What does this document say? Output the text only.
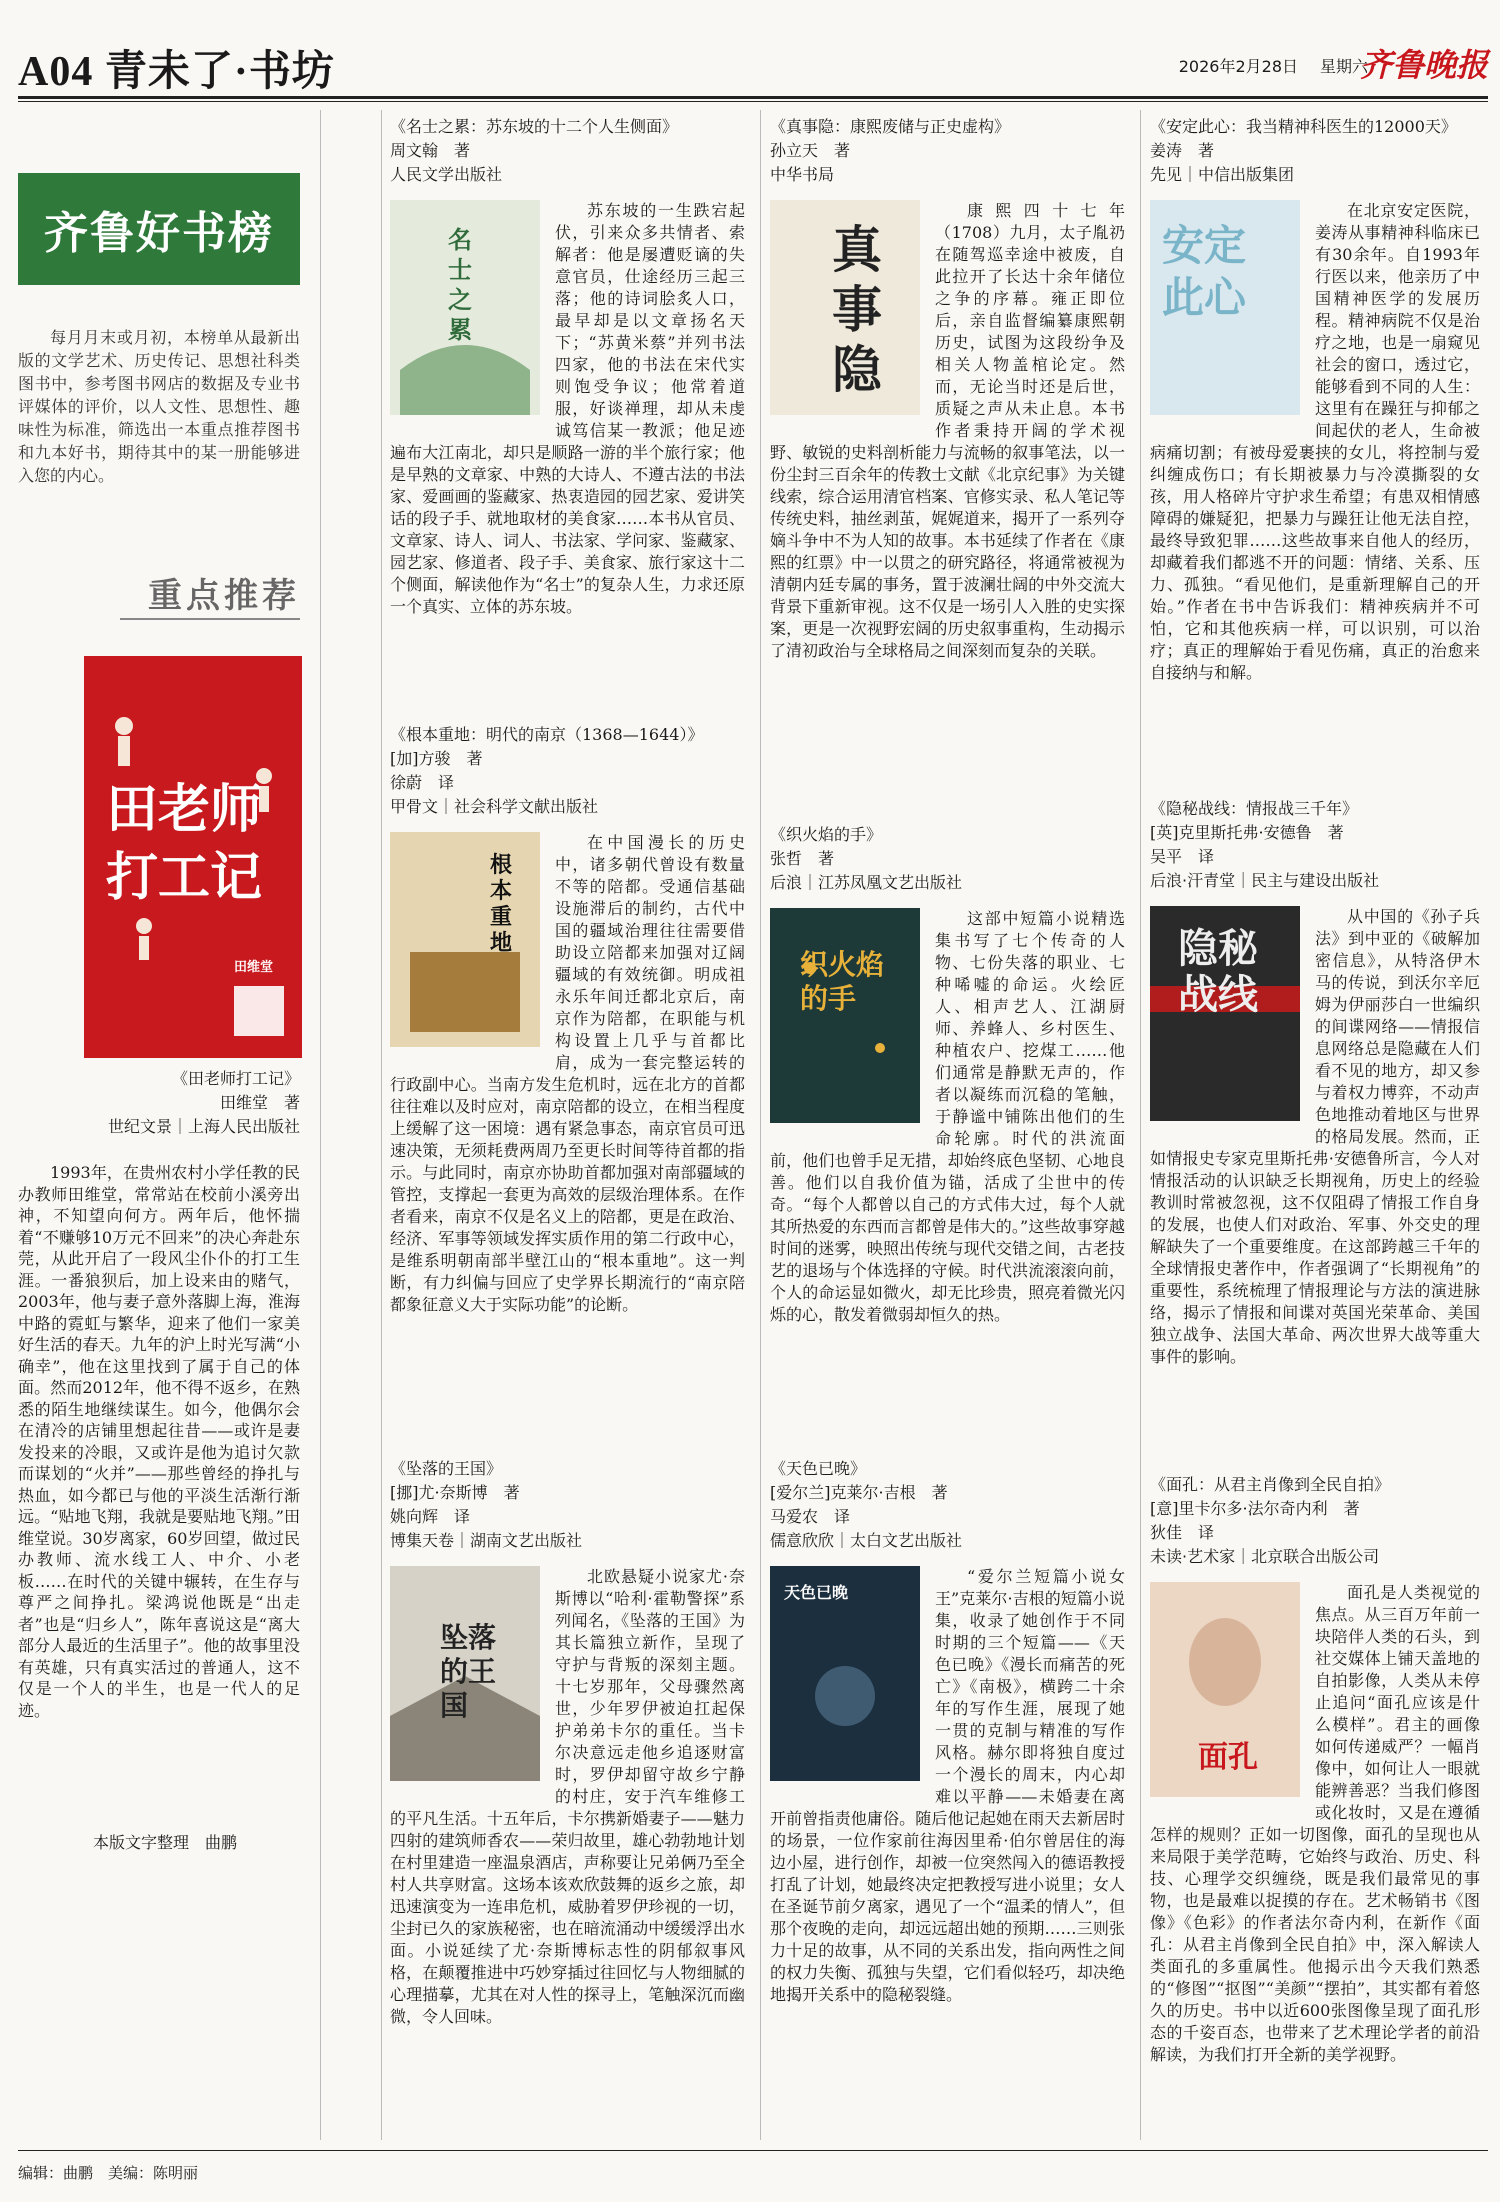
A04 青未了·书坊	2026年2月28日 星期六
齐鲁晚报
齐鲁好书榜
每月月末或月初，本榜单从最新出版的文学艺术、历史传记、思想社科类图书中，参考图书网店的数据及专业书评媒体的评价，以人文性、思想性、趣味性为标准，筛选出一本重点推荐图书和九本好书，期待其中的某一册能够进入您的内心。
重点推荐
田老师打工记
田维堂
《田老师打工记》
田维堂　著
世纪文景｜上海人民出版社
1993年，在贵州农村小学任教的民办教师田维堂，常常站在校前小溪旁出神，不知望向何方。两年后，他怀揣着“不赚够10万元不回来”的决心奔赴东莞，从此开启了一段风尘仆仆的打工生涯。一番狼狈后，加上设来由的赌气，2003年，他与妻子意外落脚上海，淮海中路的霓虹与繁华，迎来了他们一家美好生活的春天。九年的沪上时光写满“小确幸”，他在这里找到了属于自己的体面。然而2012年，他不得不返乡，在熟悉的陌生地继续谋生。如今，他偶尔会在清冷的店铺里想起往昔——或许是妻发投来的冷眼，又或许是他为追讨欠款而谋划的“火并”——那些曾经的挣扎与热血，如今都已与他的平淡生活渐行渐远。“贴地飞翔，我就是要贴地飞翔。”田维堂说。30岁离家，60岁回望，做过民办教师、流水线工人、中介、小老板……在时代的关键中辗转，在生存与尊严之间挣扎。梁鸿说他既是“出走者”也是“归乡人”，陈年喜说这是“离大部分人最近的生活里子”。他的故事里没有英雄，只有真实活过的普通人，这不仅是一个人的半生，也是一代人的足迹。
本版文字整理　曲鹏
《名士之累：苏东坡的十二个人生侧面》
周文翰　著
人民文学出版社
名士之累
苏东坡的一生跌宕起伏，引来众多共情者、索解者：他是屡遭贬谪的失意官员，仕途经历三起三落；他的诗词脍炙人口，最早却是以文章扬名天下；“苏黄米蔡”并列书法四家，他的书法在宋代实则饱受争议；他常着道服，好谈禅理，却从未虔诚笃信某一教派；他足迹遍布大江南北，却只是顺路一游的半个旅行家；他是早熟的文章家、中熟的大诗人、不遵古法的书法家、爱画画的鉴藏家、热衷造园的园艺家、爱讲笑话的段子手、就地取材的美食家……本书从官员、文章家、诗人、词人、书法家、学问家、鉴藏家、园艺家、修道者、段子手、美食家、旅行家这十二个侧面，解读他作为“名士”的复杂人生，力求还原一个真实、立体的苏东坡。
《真事隐：康熙废储与正史虚构》
孙立天　著
中华书局
真事隐
康熙四十七年（1708）九月，太子胤礽在随驾巡幸途中被废，自此拉开了长达十余年储位之争的序幕。雍正即位后，亲自监督编纂康熙朝历史，试图为这段纷争及相关人物盖棺论定。然而，无论当时还是后世，质疑之声从未止息。本书作者秉持开阔的学术视野、敏锐的史料剖析能力与流畅的叙事笔法，以一份尘封三百余年的传教士文献《北京纪事》为关键线索，综合运用清官档案、官修实录、私人笔记等传统史料，抽丝剥茧，娓娓道来，揭开了一系列夺嫡斗争中不为人知的故事。本书延续了作者在《康熙的红票》中一以贯之的研究路径，将通常被视为清朝内廷专属的事务，置于波澜壮阔的中外交流大背景下重新审视。这不仅是一场引人入胜的史实探案，更是一次视野宏阔的历史叙事重构，生动揭示了清初政治与全球格局之间深刻而复杂的关联。
《安定此心：我当精神科医生的12000天》
姜涛　著
先见｜中信出版集团
安定此心
在北京安定医院，姜涛从事精神科临床已有30余年。自1993年行医以来，他亲历了中国精神医学的发展历程。精神病院不仅是治疗之地，也是一扇窥见社会的窗口，透过它，能够看到不同的人生：这里有在躁狂与抑郁之间起伏的老人，生命被病痛切割；有被母爱裹挟的女儿，将控制与爱纠缠成伤口；有长期被暴力与冷漠撕裂的女孩，用人格碎片守护求生希望；有患双相情感障碍的嫌疑犯，把暴力与躁狂让他无法自控，最终导致犯罪……这些故事来自他人的经历，却藏着我们都逃不开的问题：情绪、关系、压力、孤独。“看见他们，是重新理解自己的开始。”作者在书中告诉我们：精神疾病并不可怕，它和其他疾病一样，可以识别，可以治疗；真正的理解始于看见伤痛，真正的治愈来自接纳与和解。
《根本重地：明代的南京（1368—1644）》
[加]方骏　著
徐蔚　译
甲骨文｜社会科学文献出版社
根本重地
在中国漫长的历史中，诸多朝代曾设有数量不等的陪都。受通信基础设施滞后的制约，古代中国的疆域治理往往需要借助设立陪都来加强对辽阔疆域的有效统御。明成祖永乐年间迁都北京后，南京作为陪都，在职能与机构设置上几乎与首都比肩，成为一套完整运转的行政副中心。当南方发生危机时，远在北方的首都往往难以及时应对，南京陪都的设立，在相当程度上缓解了这一困境：遇有紧急事态，南京官员可迅速决策，无须耗费两周乃至更长时间等待首都的指示。与此同时，南京亦协助首都加强对南部疆域的管控，支撑起一套更为高效的层级治理体系。在作者看来，南京不仅是名义上的陪都，更是在政治、经济、军事等领域发挥实质作用的第二行政中心，是维系明朝南部半壁江山的“根本重地”。这一判断，有力纠偏与回应了史学界长期流行的“南京陪都象征意义大于实际功能”的论断。
《织火焰的手》
张哲　著
后浪｜江苏凤凰文艺出版社
织火焰的手
这部中短篇小说精选集书写了七个传奇的人物、七份失落的职业、七种唏嘘的命运。火绘匠人、相声艺人、江湖厨师、养蜂人、乡村医生、种植农户、挖煤工……他们通常是静默无声的，作者以凝练而沉稳的笔触，于静谧中铺陈出他们的生命轮廓。时代的洪流面前，他们也曾手足无措，却始终底色坚韧、心地良善。他们以自我价值为锚，活成了尘世中的传奇。“每个人都曾以自己的方式伟大过，每个人就其所热爱的东西而言都曾是伟大的。”这些故事穿越时间的迷雾，映照出传统与现代交错之间，古老技艺的退场与个体选择的守候。时代洪流滚滚向前，个人的命运显如微火，却无比珍贵，照亮着微光闪烁的心，散发着微弱却恒久的热。
《隐秘战线：情报战三千年》
[英]克里斯托弗·安德鲁　著
吴平　译
后浪·汗青堂｜民主与建设出版社
隐秘战线
从中国的《孙子兵法》到中亚的《破解加密信息》，从特洛伊木马的传说，到沃尔辛厄姆为伊丽莎白一世编织的间谍网络——情报信息网络总是隐藏在人们看不见的地方，却又参与着权力博弈，不动声色地推动着地区与世界的格局发展。然而，正如情报史专家克里斯托弗·安德鲁所言，今人对情报活动的认识缺乏长期视角，历史上的经验教训时常被忽视，这不仅阻碍了情报工作自身的发展，也使人们对政治、军事、外交史的理解缺失了一个重要维度。在这部跨越三千年的全球情报史著作中，作者强调了“长期视角”的重要性，系统梳理了情报理论与方法的演进脉络，揭示了情报和间谍对英国光荣革命、美国独立战争、法国大革命、两次世界大战等重大事件的影响。
《坠落的王国》
[挪]尤·奈斯博　著
姚向辉　译
博集天卷｜湖南文艺出版社
坠落的王国
北欧悬疑小说家尤·奈斯博以“哈利·霍勒警探”系列闻名，《坠落的王国》为其长篇独立新作，呈现了守护与背叛的深刻主题。十七岁那年，父母骤然离世，少年罗伊被迫扛起保护弟弟卡尔的重任。当卡尔决意远走他乡追逐财富时，罗伊却留守故乡宁静的村庄，安于汽车维修工的平凡生活。十五年后，卡尔携新婚妻子——魅力四射的建筑师香农——荣归故里，雄心勃勃地计划在村里建造一座温泉酒店，声称要让兄弟俩乃至全村人共享财富。这场本该欢欣鼓舞的返乡之旅，却迅速演变为一连串危机，威胁着罗伊珍视的一切，尘封已久的家族秘密，也在暗流涌动中缓缓浮出水面。小说延续了尤·奈斯博标志性的阴郁叙事风格，在颠覆推进中巧妙穿插过往回忆与人物细腻的心理描摹，尤其在对人性的探寻上，笔触深沉而幽微，令人回味。
《天色已晚》
[爱尔兰]克莱尔·吉根　著
马爱农　译
儒意欣欣｜太白文艺出版社
天色已晚
“爱尔兰短篇小说女王”克莱尔·吉根的短篇小说集，收录了她创作于不同时期的三个短篇——《天色已晚》《漫长而痛苦的死亡》《南极》，横跨二十余年的写作生涯，展现了她一贯的克制与精准的写作风格。赫尔即将独自度过一个漫长的周末，内心却难以平静——未婚妻在离开前曾指责他庸俗。随后他记起她在雨天去新居时的场景，一位作家前往海因里希·伯尔曾居住的海边小屋，进行创作，却被一位突然闯入的德语教授打乱了计划，她最终决定把教授写进小说里；女人在圣诞节前夕离家，遇见了一个“温柔的情人”，但那个夜晚的走向，却远远超出她的预期……三则张力十足的故事，从不同的关系出发，指向两性之间的权力失衡、孤独与失望，它们看似轻巧，却决绝地揭开关系中的隐秘裂缝。
《面孔：从君主肖像到全民自拍》
[意]里卡尔多·法尔奇内利　著
狄佳　译
未读·艺术家｜北京联合出版公司
面孔
面孔是人类视觉的焦点。从三百万年前一块陪伴人类的石头，到社交媒体上铺天盖地的自拍影像，人类从未停止追问“面孔应该是什么模样”。君主的画像如何传递威严？一幅肖像中，如何让人一眼就能辨善恶？当我们修图或化妆时，又是在遵循怎样的规则？正如一切图像，面孔的呈现也从来局限于美学范畴，它始终与政治、历史、科技、心理学交织缠绕，既是我们最常见的事物，也是最难以捉摸的存在。艺术畅销书《图像》《色彩》的作者法尔奇内利，在新作《面孔：从君主肖像到全民自拍》中，深入解读人类面孔的多重属性。他揭示出今天我们熟悉的“修图”“抠图”“美颜”“摆拍”，其实都有着悠久的历史。书中以近600张图像呈现了面孔形态的千姿百态，也带来了艺术理论学者的前沿解读，为我们打开全新的美学视野。
编辑：曲鹏　美编：陈明丽
